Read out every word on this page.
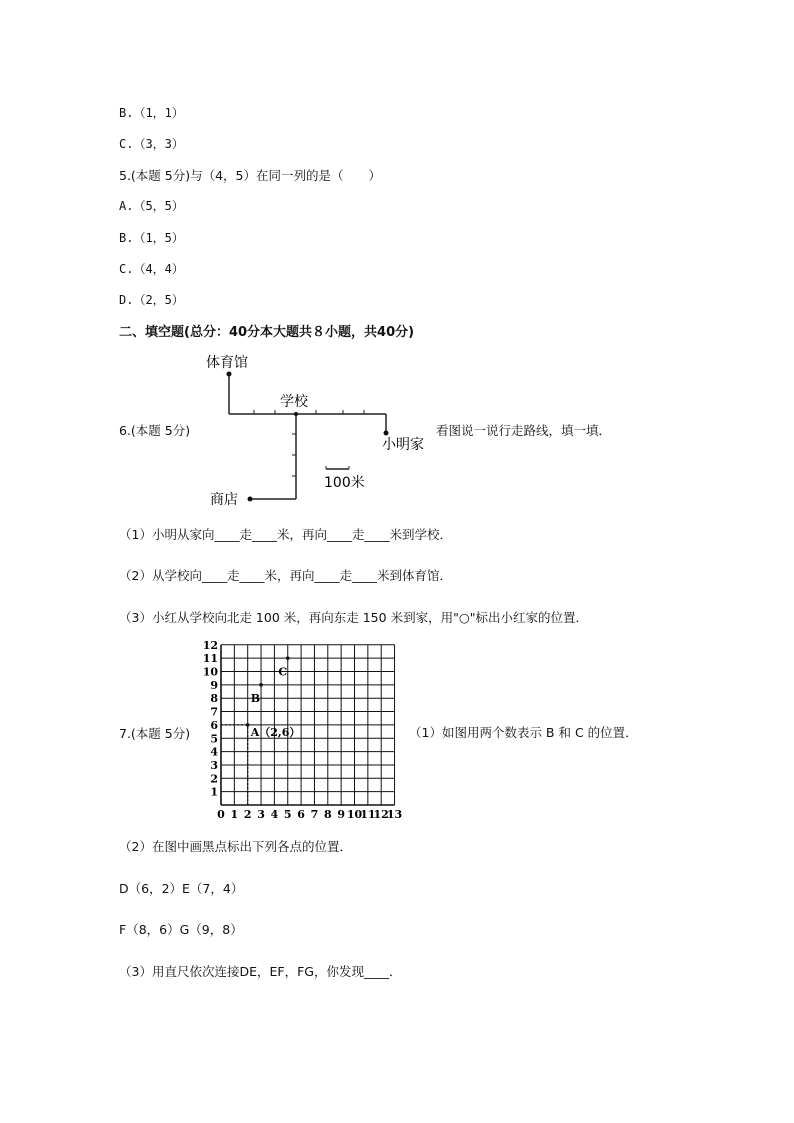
B.（1，1）
C.（3，3）
5.(本题 5分)与（4，5）在同一列的是（　　）
A.（5，5）
B.（1，5）
C.（4，4）
D.（2，5）
二、填空题(总分：40分本大题共８小题，共40分)
6.(本题 5分)
体育馆
学校
小明家
商店
100米
看图说一说行走路线，填一填．
（1）小明从家向____走____米，再向____走____米到学校．
（2）从学校向____走____米，再向____走____米到体育馆．
（3）小红从学校向北走 100 米，再向东走 150 米到家，用"○"标出小红家的位置．
7.(本题 5分)
0 1 2 3 4 5 6 7 8 9 10
11
12
13
12
11
10
9
8
7
6
5
4
3
2
1
A（2,6）
B
C
（1）如图用两个数表示 B 和 C 的位置．
（2）在图中画黑点标出下列各点的位置．
D（6，2）E（7，4）
F（8，6）G（9，8）
（3）用直尺依次连接DE，EF，FG，你发现____．
